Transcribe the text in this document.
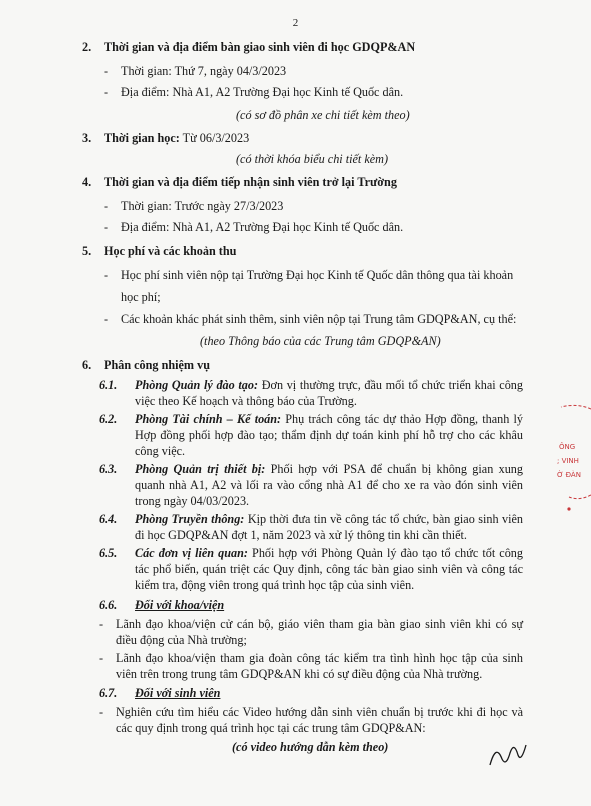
2
2. Thời gian và địa điểm bàn giao sinh viên đi học GDQP&AN
- Thời gian: Thứ 7, ngày 04/3/2023
- Địa điểm: Nhà A1, A2 Trường Đại học Kinh tế Quốc dân.
(có sơ đồ phân xe chi tiết kèm theo)
3. Thời gian học: Từ 06/3/2023
(có thời khóa biểu chi tiết kèm)
4. Thời gian và địa điểm tiếp nhận sinh viên trở lại Trường
- Thời gian: Trước ngày 27/3/2023
- Địa điểm: Nhà A1, A2 Trường Đại học Kinh tế Quốc dân.
5. Học phí và các khoản thu
- Học phí sinh viên nộp tại Trường Đại học Kinh tế Quốc dân thông qua tài khoản
học phí;
- Các khoản khác phát sinh thêm, sinh viên nộp tại Trung tâm GDQP&AN, cụ thể:
(theo Thông báo của các Trung tâm GDQP&AN)
6. Phân công nhiệm vụ
6.1. Phòng Quản lý đào tạo: Đơn vị thường trực, đầu mối tổ chức triển khai công việc theo Kế hoạch và thông báo của Trường.
6.2. Phòng Tài chính – Kế toán: Phụ trách công tác dự thảo Hợp đồng, thanh lý Hợp đồng phối hợp đào tạo; thẩm định dự toán kinh phí hỗ trợ cho các khâu công việc.
6.3. Phòng Quản trị thiết bị: Phối hợp với PSA để chuẩn bị không gian xung quanh nhà A1, A2 và lối ra vào cổng nhà A1 để cho xe ra vào đón sinh viên trong ngày 04/03/2023.
6.4. Phòng Truyền thông: Kịp thời đưa tin về công tác tổ chức, bàn giao sinh viên đi học GDQP&AN đợt 1, năm 2023 và xử lý thông tin khi cần thiết.
6.5. Các đơn vị liên quan: Phối hợp với Phòng Quản lý đào tạo tổ chức tốt công tác phổ biến, quán triệt các Quy định, công tác bàn giao sinh viên và công tác kiểm tra, động viên trong quá trình học tập của sinh viên.
6.6. Đối với khoa/viện
- Lãnh đạo khoa/viện cử cán bộ, giáo viên tham gia bàn giao sinh viên khi có sự điều động của Nhà trường;
- Lãnh đạo khoa/viện tham gia đoàn công tác kiểm tra tình hình học tập của sinh viên trên trong trung tâm GDQP&AN khi có sự điều động của Nhà trường.
6.7. Đối với sinh viên
- Nghiên cứu tìm hiểu các Video hướng dẫn sinh viên chuẩn bị trước khi đi học và các quy định trong quá trình học tại các trung tâm GDQP&AN:
(có video hướng dẫn kèm theo)
ÔNG
; VINH
Ờ ĐÀN
